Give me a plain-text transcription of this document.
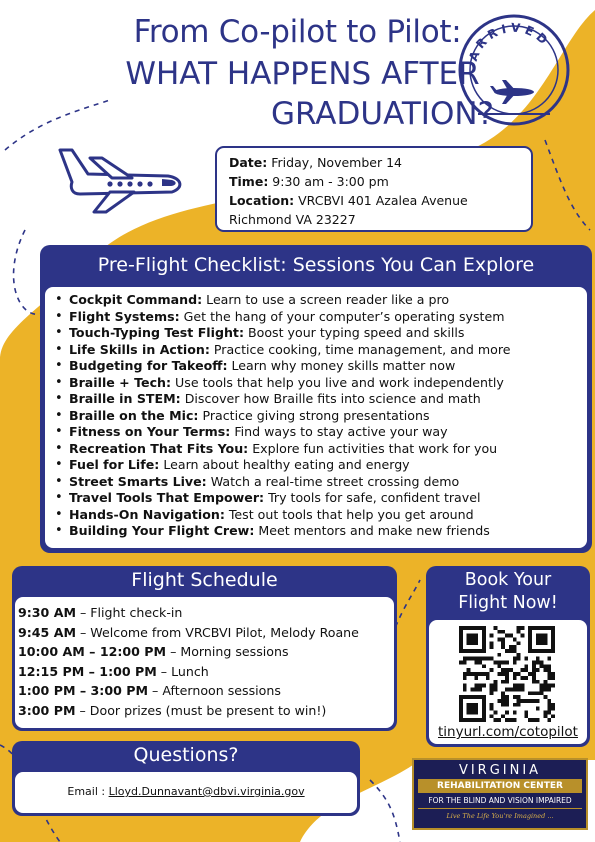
From Co-pilot to Pilot:
WHAT HAPPENS AFTER
GRADUATION?
ARRIVED
Date: Friday, November 14
Time: 9:30 am - 3:00 pm
Location: VRCBVI 401 Azalea Avenue
Richmond VA 23227
Pre-Flight Checklist: Sessions You Can Explore
• Cockpit Command: Learn to use a screen reader like a pro
• Flight Systems: Get the hang of your computer’s operating system
• Touch-Typing Test Flight: Boost your typing speed and skills
• Life Skills in Action: Practice cooking, time management, and more
• Budgeting for Takeoff: Learn why money skills matter now
• Braille + Tech: Use tools that help you live and work independently
• Braille in STEM: Discover how Braille fits into science and math
• Braille on the Mic: Practice giving strong presentations
• Fitness on Your Terms: Find ways to stay active your way
• Recreation That Fits You: Explore fun activities that work for you
• Fuel for Life: Learn about healthy eating and energy
• Street Smarts Live: Watch a real-time street crossing demo
• Travel Tools That Empower: Try tools for safe, confident travel
• Hands-On Navigation: Test out tools that help you get around
• Building Your Flight Crew: Meet mentors and make new friends
Flight Schedule
9:30 AM – Flight check-in
9:45 AM – Welcome from VRCBVI Pilot, Melody Roane
10:00 AM – 12:00 PM – Morning sessions
12:15 PM – 1:00 PM – Lunch
1:00 PM – 3:00 PM – Afternoon sessions
3:00 PM – Door prizes (must be present to win!)
Book Your
Flight Now!
tinyurl.com/cotopilot
Questions?
Email : Lloyd.Dunnavant@dbvi.virginia.gov
VIRGINIA
REHABILITATION CENTER
FOR THE BLIND AND VISION IMPAIRED
Live The Life You're Imagined ...
